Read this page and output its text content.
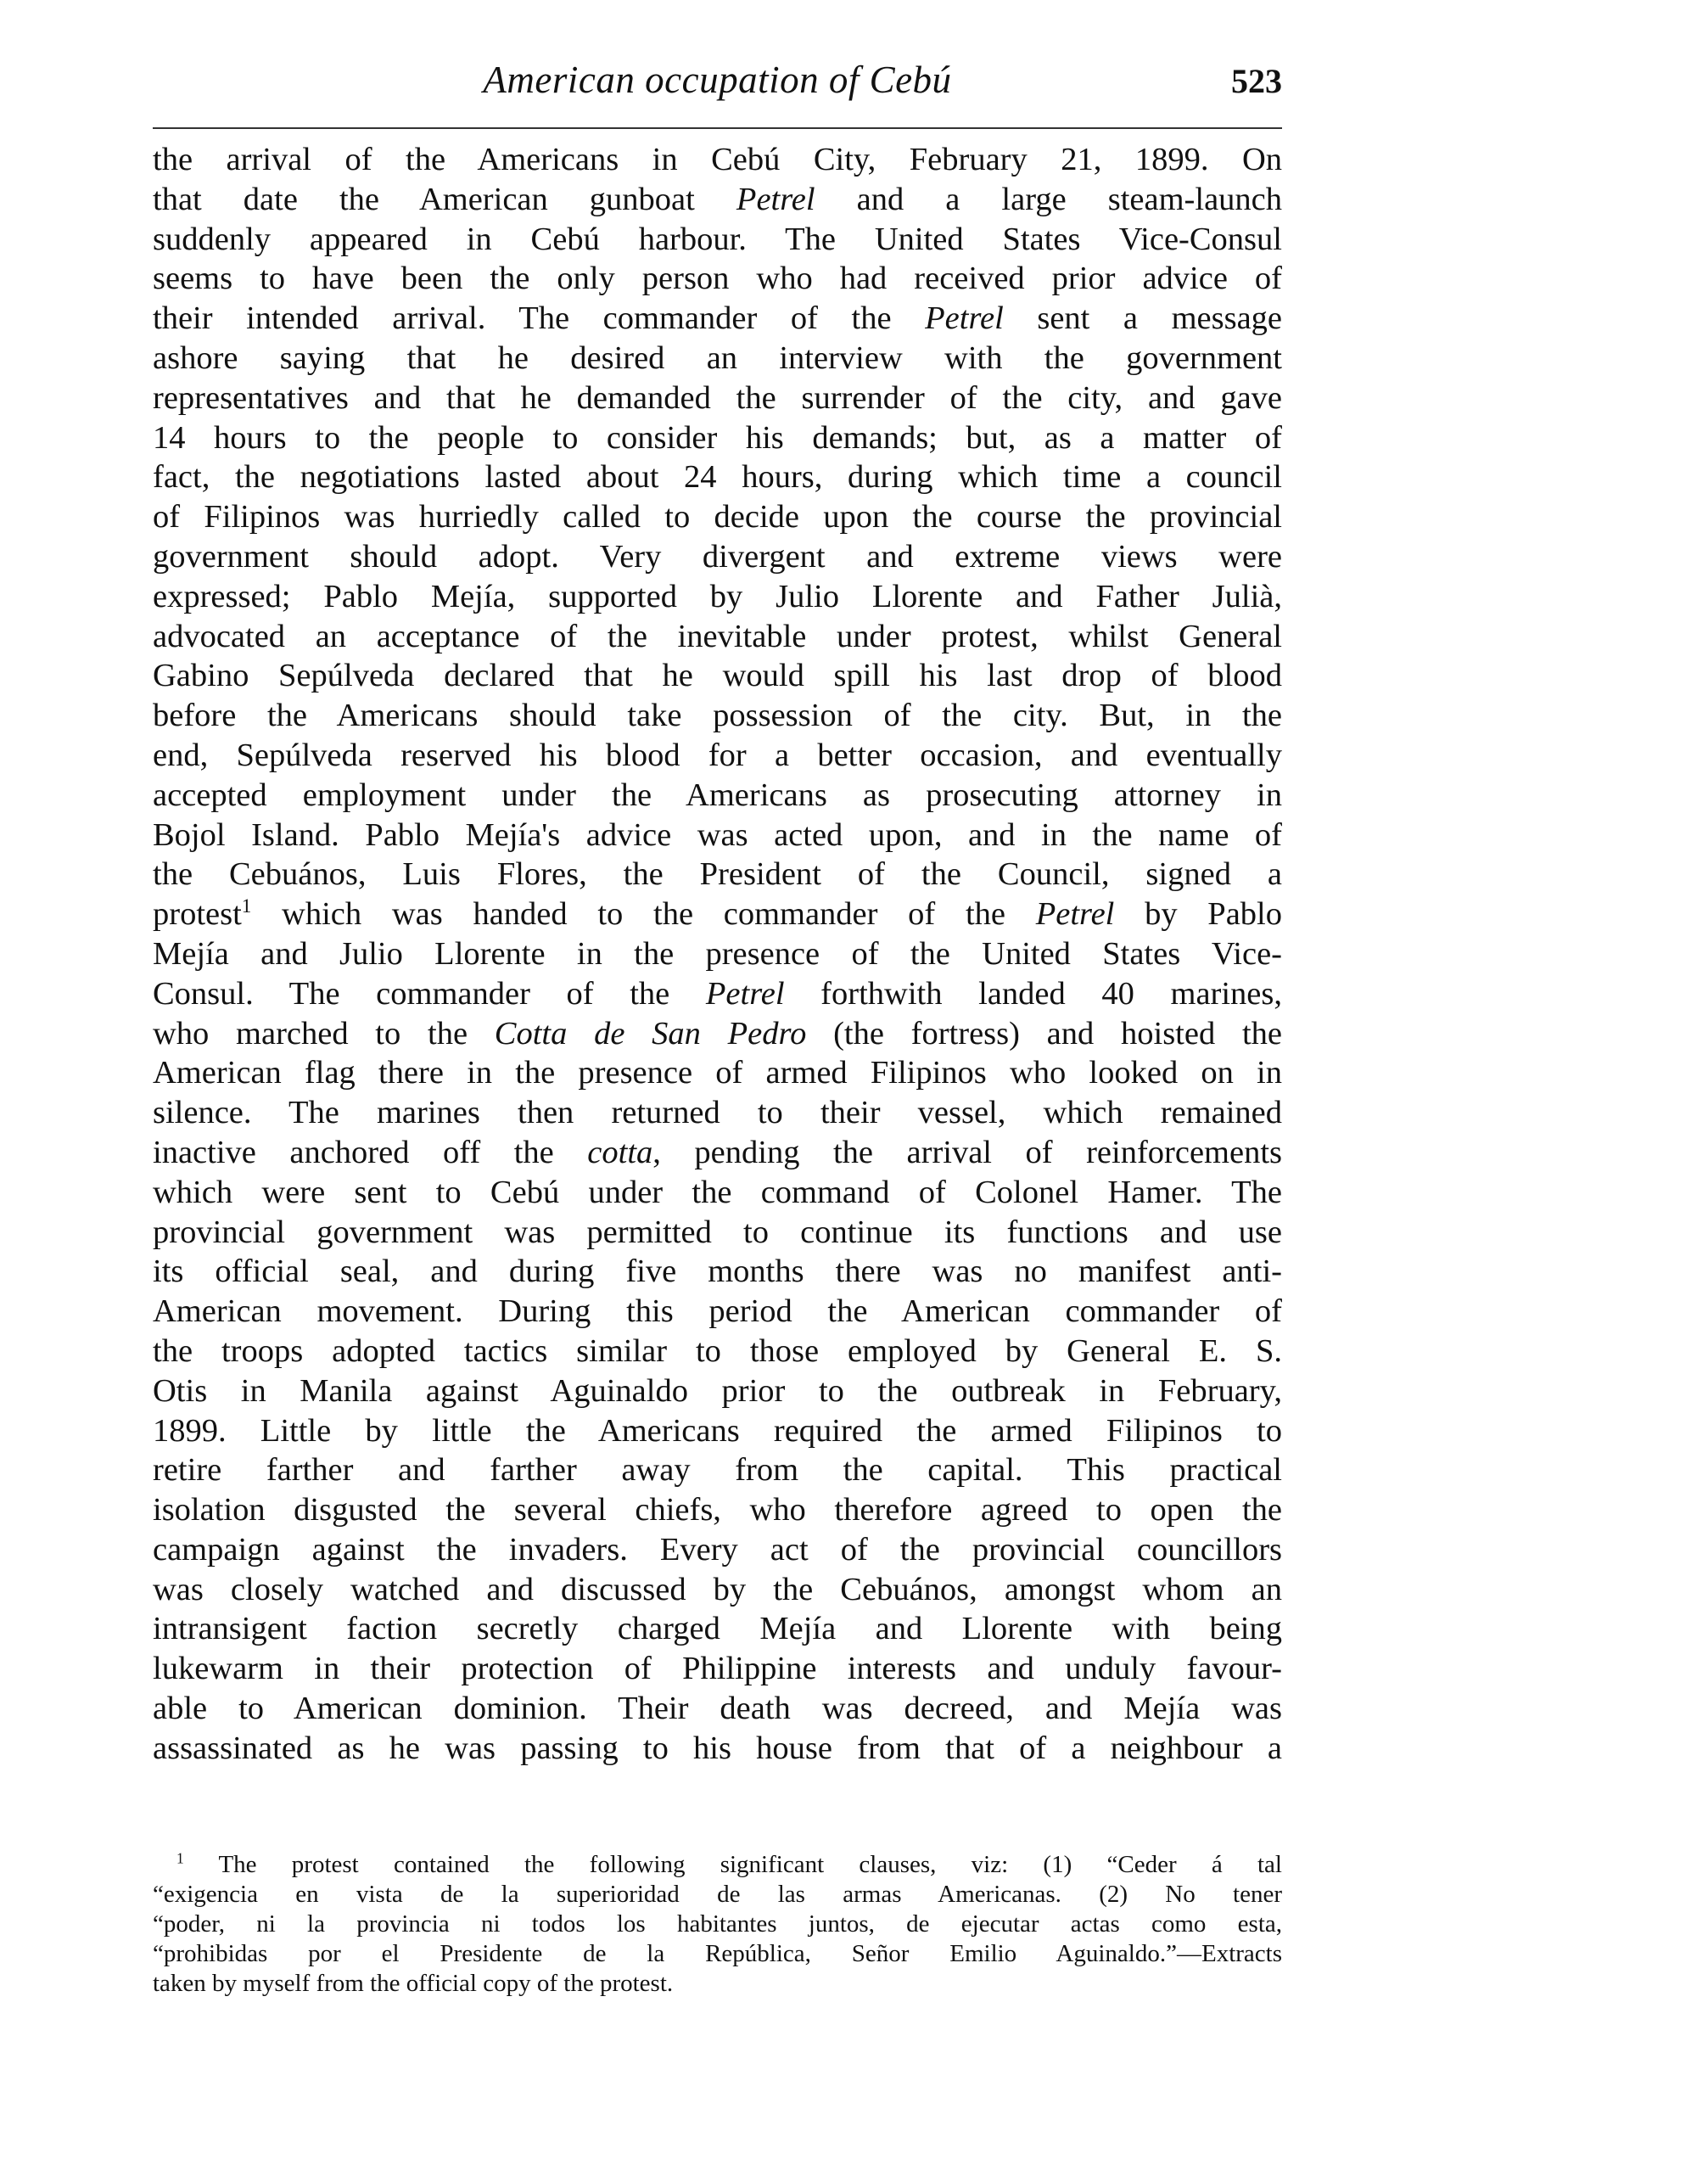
American occupation of Cebú	523
the arrival of the Americans in Cebú City, February 21, 1899. On
that date the American gunboat Petrel and a large steam-launch
suddenly appeared in Cebú harbour. The United States Vice-Consul
seems to have been the only person who had received prior advice of
their intended arrival. The commander of the Petrel sent a message
ashore saying that he desired an interview with the government
representatives and that he demanded the surrender of the city, and gave
14 hours to the people to consider his demands; but, as a matter of
fact, the negotiations lasted about 24 hours, during which time a council
of Filipinos was hurriedly called to decide upon the course the provincial
government should adopt. Very divergent and extreme views were
expressed; Pablo Mejía, supported by Julio Llorente and Father Julià,
advocated an acceptance of the inevitable under protest, whilst General
Gabino Sepúlveda declared that he would spill his last drop of blood
before the Americans should take possession of the city. But, in the
end, Sepúlveda reserved his blood for a better occasion, and eventually
accepted employment under the Americans as prosecuting attorney in
Bojol Island. Pablo Mejía's advice was acted upon, and in the name of
the Cebuános, Luis Flores, the President of the Council, signed a
protest$^1$ which was handed to the commander of the Petrel by Pablo
Mejía and Julio Llorente in the presence of the United States Vice-
Consul. The commander of the Petrel forthwith landed 40 marines,
who marched to the Cotta de San Pedro (the fortress) and hoisted the
American flag there in the presence of armed Filipinos who looked on in
silence. The marines then returned to their vessel, which remained
inactive anchored off the cotta, pending the arrival of reinforcements
which were sent to Cebú under the command of Colonel Hamer. The
provincial government was permitted to continue its functions and use
its official seal, and during five months there was no manifest anti-
American movement. During this period the American commander of
the troops adopted tactics similar to those employed by General E. S.
Otis in Manila against Aguinaldo prior to the outbreak in February,
1899. Little by little the Americans required the armed Filipinos to
retire farther and farther away from the capital. This practical
isolation disgusted the several chiefs, who therefore agreed to open the
campaign against the invaders. Every act of the provincial councillors
was closely watched and discussed by the Cebuános, amongst whom an
intransigent faction secretly charged Mejía and Llorente with being
lukewarm in their protection of Philippine interests and unduly favour-
able to American dominion. Their death was decreed, and Mejía was
assassinated as he was passing to his house from that of a neighbour a
$^1$ The protest contained the following significant clauses, viz: (1) “Ceder á tal
“exigencia en vista de la superioridad de las armas Americanas. (2) No tener
“poder, ni la provincia ni todos los habitantes juntos, de ejecutar actas como esta,
“prohibidas por el Presidente de la República, Señor Emilio Aguinaldo.”—Extracts
taken by myself from the official copy of the protest.
